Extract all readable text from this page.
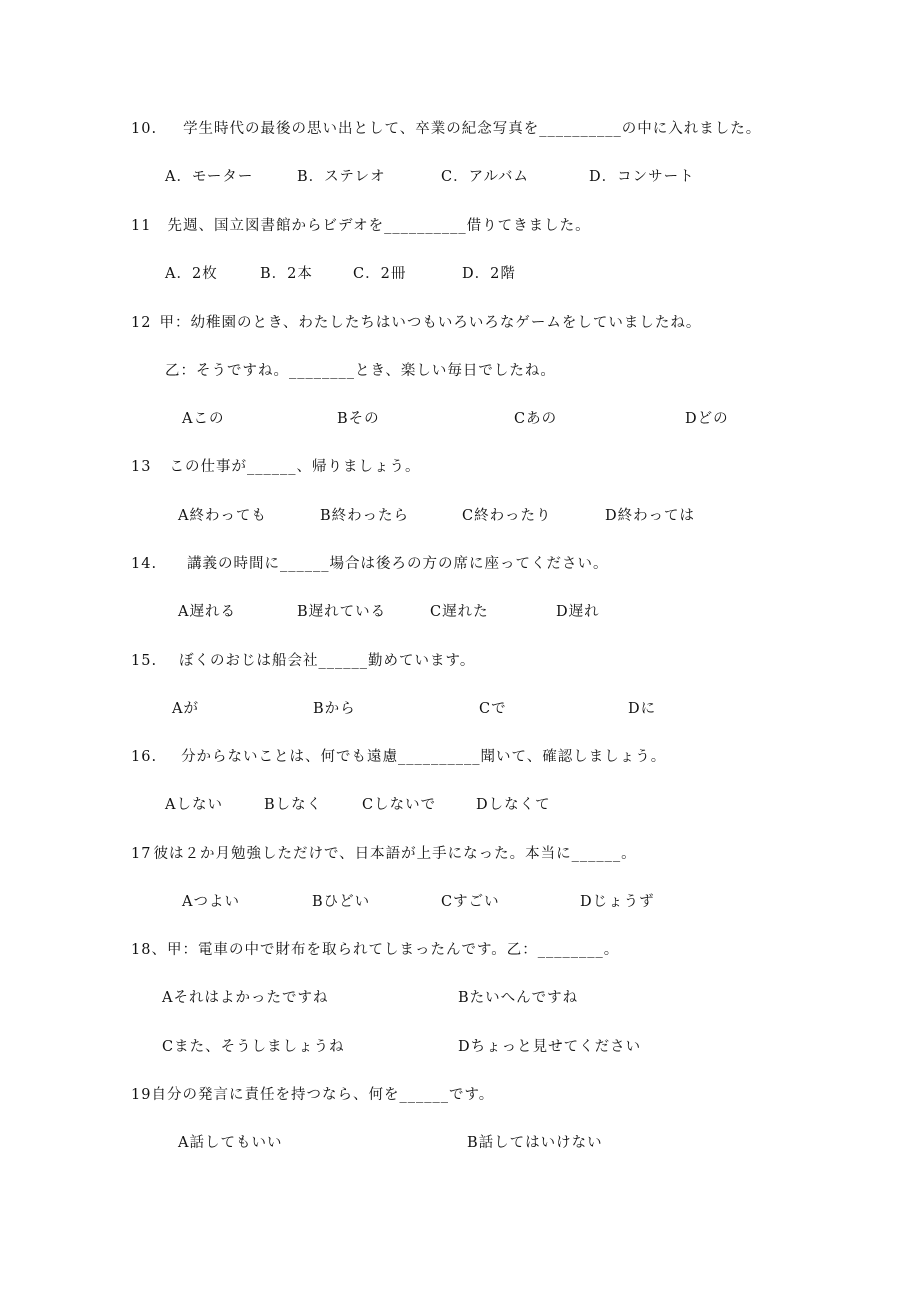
10. 学生時代の最後の思い出として、卒業の紀念写真を__________の中に入れました。
A．モーター	B．ステレオ	C．アルバム	D．コンサート
11 先週、国立図書館からビデオを__________借りてきました。
A．2枚	B．2本	C．2冊	D．2階
12 甲：幼稚園のとき、わたしたちはいつもいろいろなゲームをしていましたね。
乙：そうですね。________とき、楽しい毎日でしたね。
Aこの	Bその	Cあの	Dどの
13 この仕事が______、帰りましょう。
A終わっても	B終わったら	C終わったり	D終わっては
14. 講義の時間に______場合は後ろの方の席に座ってください。
A遅れる	B遅れている	C遅れた	D遅れ
15. ぼくのおじは船会社______勤めています。
Aが	Bから	Cで	Dに
16. 分からないことは、何でも遠慮__________聞いて、確認しましょう。
Aしない	Bしなく	Cしないで	Dしなくて
17 彼は２か月勉強しただけで、日本語が上手になった。本当に______。
Aつよい	Bひどい	Cすごい	Dじょうず
18、甲：電車の中で財布を取られてしまったんです。乙：________。
Aそれはよかったですね	Bたいへんですね
Cまた、そうしましょうね	Dちょっと見せてください
19自分の発言に責任を持つなら、何を______です。
A話してもいい	B話してはいけない
